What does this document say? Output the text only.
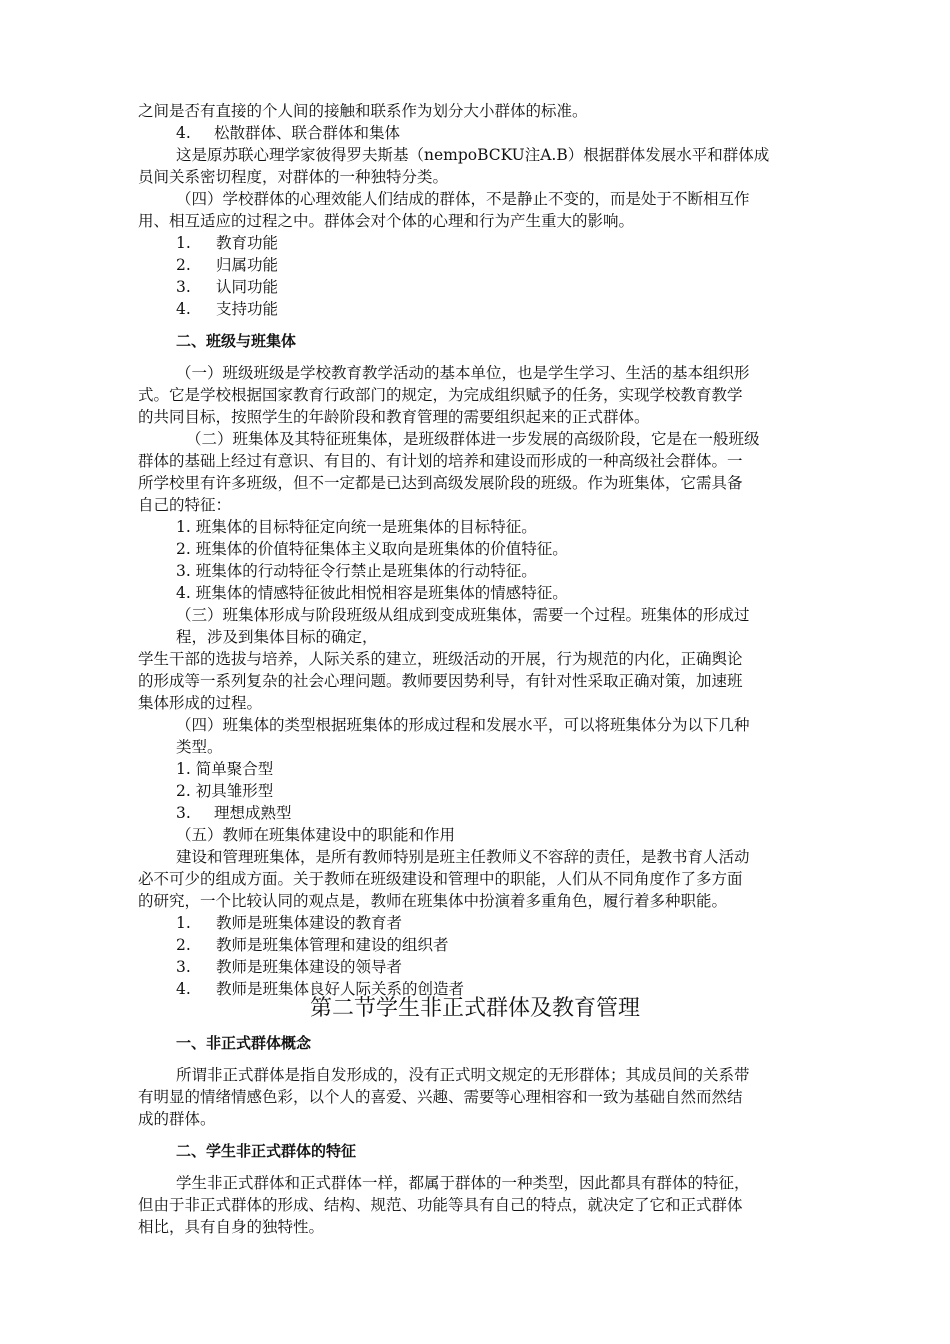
之间是否有直接的个人间的接触和联系作为划分大小群体的标准。
4. 松散群体、联合群体和集体
这是原苏联心理学家彼得罗夫斯基（nempoBCKU注A.B）根据群体发展水平和群体成
员间关系密切程度，对群体的一种独特分类。
（四）学校群体的心理效能人们结成的群体，不是静止不变的，而是处于不断相互作
用、相互适应的过程之中。群体会对个体的心理和行为产生重大的影响。
1. 教育功能
2. 归属功能
3. 认同功能
4. 支持功能
二、班级与班集体
（一）班级班级是学校教育教学活动的基本单位，也是学生学习、生活的基本组织形
式。它是学校根据国家教育行政部门的规定，为完成组织赋予的任务，实现学校教育教学
的共同目标，按照学生的年龄阶段和教育管理的需要组织起来的正式群体。
（二）班集体及其特征班集体，是班级群体进一步发展的高级阶段，它是在一般班级
群体的基础上经过有意识、有目的、有计划的培养和建设而形成的一种高级社会群体。一
所学校里有许多班级，但不一定都是已达到高级发展阶段的班级。作为班集体，它需具备
自己的特征：
1. 班集体的目标特征定向统一是班集体的目标特征。
2. 班集体的价值特征集体主义取向是班集体的价值特征。
3. 班集体的行动特征令行禁止是班集体的行动特征。
4. 班集体的情感特征彼此相悦相容是班集体的情感特征。
（三）班集体形成与阶段班级从组成到变成班集体，需要一个过程。班集体的形成过
程，涉及到集体目标的确定，
学生干部的选拔与培养，人际关系的建立，班级活动的开展，行为规范的内化，正确舆论
的形成等一系列复杂的社会心理问题。教师要因势利导，有针对性采取正确对策，加速班
集体形成的过程。
（四）班集体的类型根据班集体的形成过程和发展水平，可以将班集体分为以下几种
类型。
1. 简单聚合型
2. 初具雏形型
3. 理想成熟型
（五）教师在班集体建设中的职能和作用
建设和管理班集体，是所有教师特别是班主任教师义不容辞的责任，是教书育人活动
必不可少的组成方面。关于教师在班级建设和管理中的职能，人们从不同角度作了多方面
的研究，一个比较认同的观点是，教师在班集体中扮演着多重角色，履行着多种职能。
1. 教师是班集体建设的教育者
2. 教师是班集体管理和建设的组织者
3. 教师是班集体建设的领导者
4. 教师是班集体良好人际关系的创造者
第二节学生非正式群体及教育管理
一、非正式群体概念
所谓非正式群体是指自发形成的，没有正式明文规定的无形群体；其成员间的关系带
有明显的情绪情感色彩，以个人的喜爱、兴趣、需要等心理相容和一致为基础自然而然结
成的群体。
二、学生非正式群体的特征
学生非正式群体和正式群体一样，都属于群体的一种类型，因此都具有群体的特征，
但由于非正式群体的形成、结构、规范、功能等具有自己的特点，就决定了它和正式群体
相比，具有自身的独特性。
